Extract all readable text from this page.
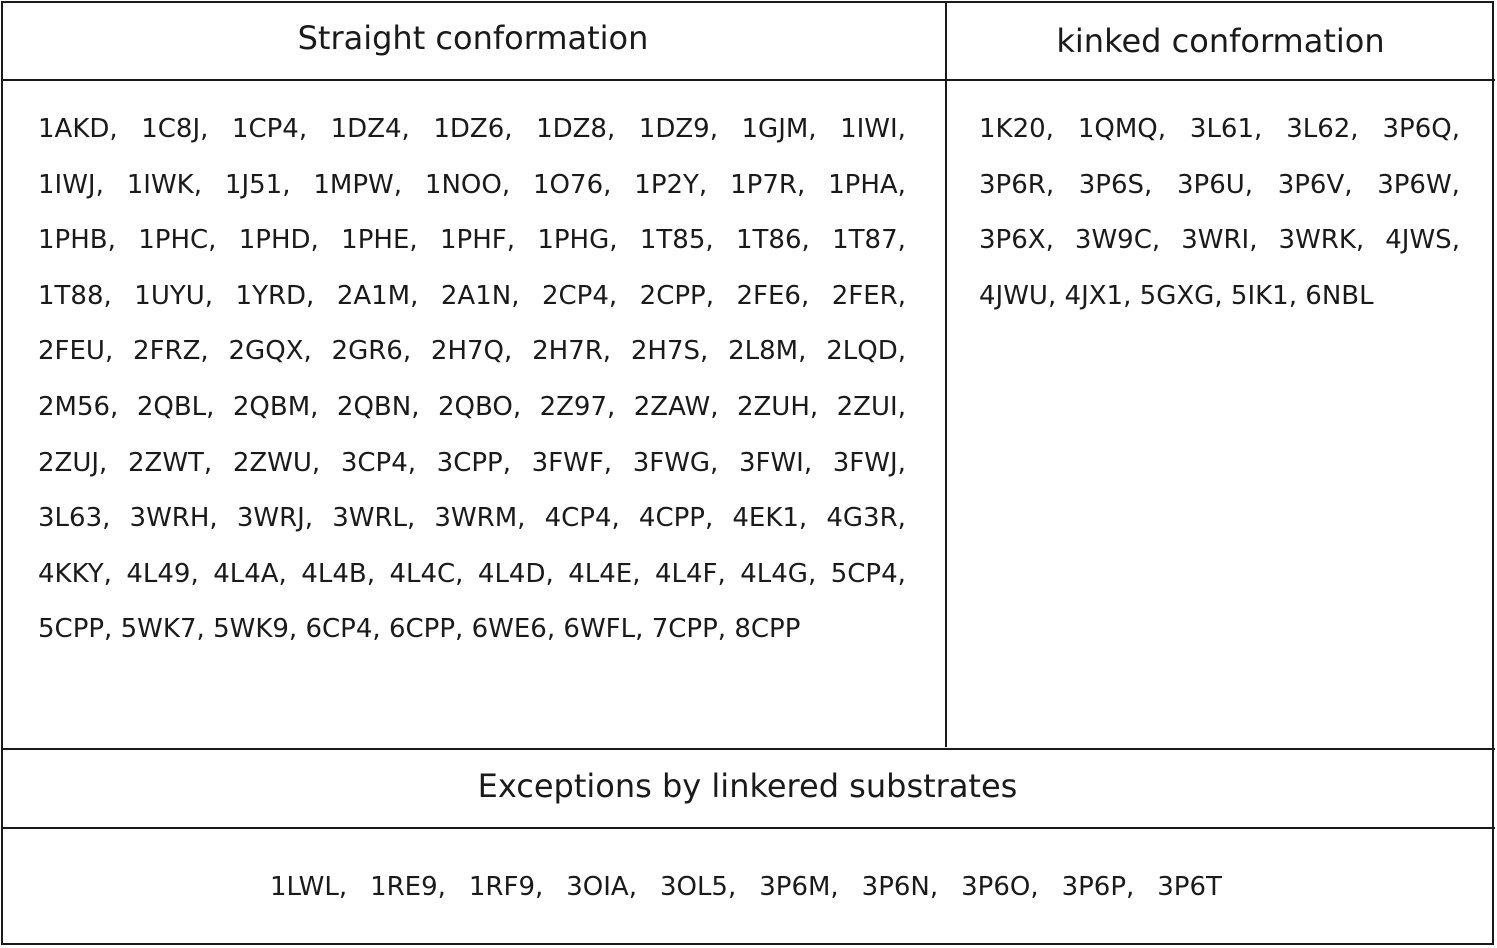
Straight conformation	kinked conformation
Exceptions by linkered substrates
1AKD, 1C8J, 1CP4, 1DZ4, 1DZ6, 1DZ8, 1DZ9, 1GJM, 1IWI,
1IWJ, 1IWK, 1J51, 1MPW, 1NOO, 1O76, 1P2Y, 1P7R, 1PHA,
1PHB, 1PHC, 1PHD, 1PHE, 1PHF, 1PHG, 1T85, 1T86, 1T87,
1T88, 1UYU, 1YRD, 2A1M, 2A1N, 2CP4, 2CPP, 2FE6, 2FER,
2FEU, 2FRZ, 2GQX, 2GR6, 2H7Q, 2H7R, 2H7S, 2L8M, 2LQD,
2M56, 2QBL, 2QBM, 2QBN, 2QBO, 2Z97, 2ZAW, 2ZUH, 2ZUI,
2ZUJ, 2ZWT, 2ZWU, 3CP4, 3CPP, 3FWF, 3FWG, 3FWI, 3FWJ,
3L63, 3WRH, 3WRJ, 3WRL, 3WRM, 4CP4, 4CPP, 4EK1, 4G3R,
4KKY, 4L49, 4L4A, 4L4B, 4L4C, 4L4D, 4L4E, 4L4F, 4L4G, 5CP4,
5CPP, 5WK7, 5WK9, 6CP4, 6CPP, 6WE6, 6WFL, 7CPP, 8CPP
1K20, 1QMQ, 3L61, 3L62, 3P6Q,
3P6R, 3P6S, 3P6U, 3P6V, 3P6W,
3P6X, 3W9C, 3WRI, 3WRK, 4JWS,
4JWU, 4JX1, 5GXG, 5IK1, 6NBL
1LWL, 1RE9, 1RF9, 3OIA, 3OL5, 3P6M, 3P6N, 3P6O, 3P6P, 3P6T
